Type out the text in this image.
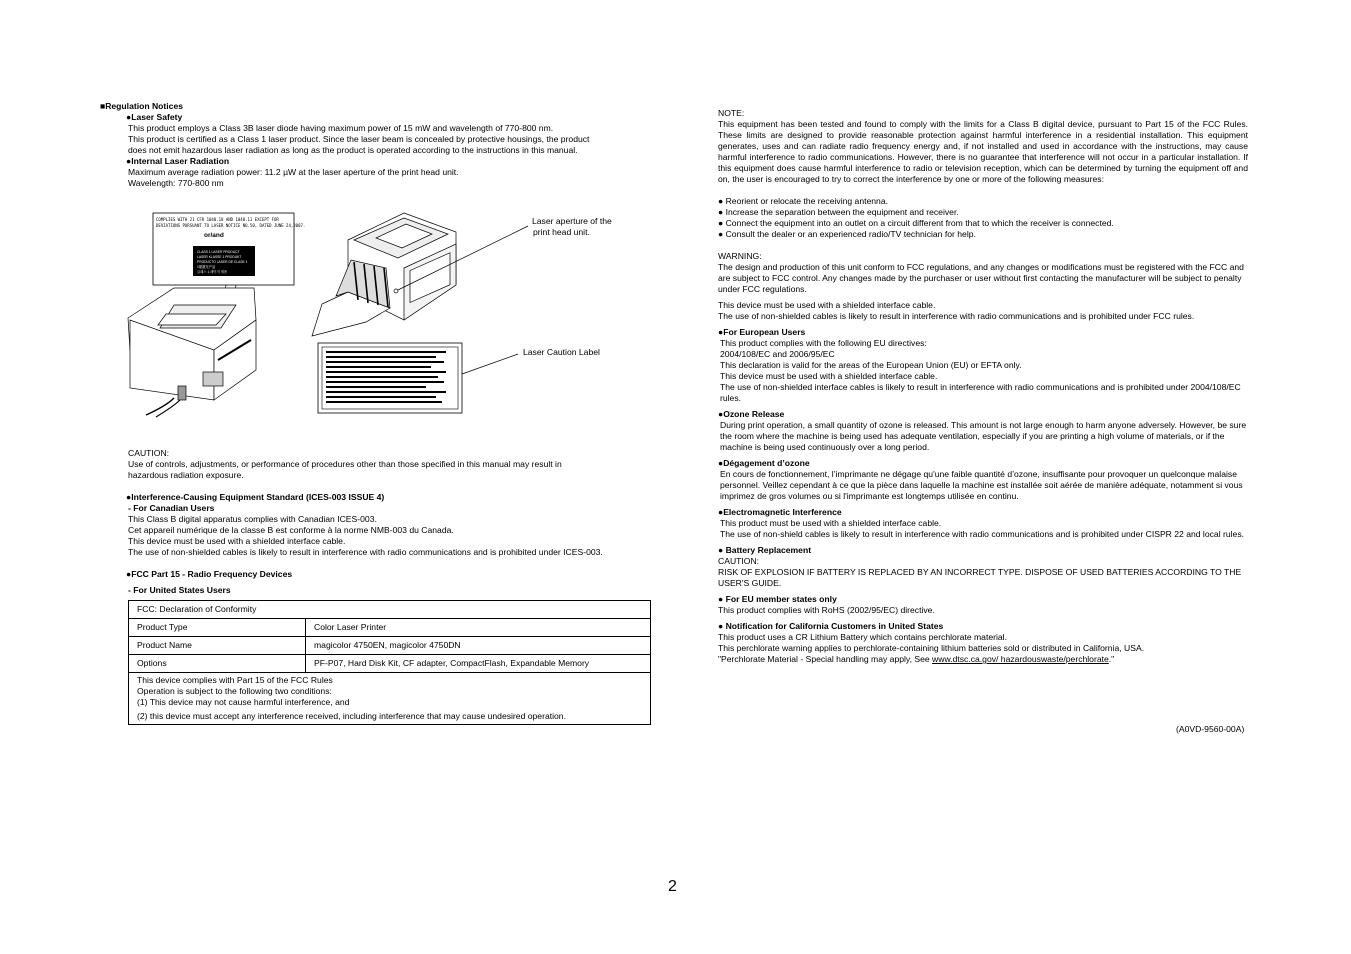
■Regulation Notices

●Laser Safety

This product employs a Class 3B laser diode having maximum power of 15 mW and wavelength of 770-800 nm.

This product is certified as a Class 1 laser product. Since the laser beam is concealed by protective housings, the product

does not emit hazardous laser radiation as long as the product is operated according to the instructions in this manual.

●Internal Laser Radiation

Maximum average radiation power: 11.2 µW at the laser aperture of the print head unit.

Wavelength: 770-800 nm

COMPLIES WITH 21 CFR 1040.10 AND 1040.11 EXCEPT FOR
DEVIATIONS PURSUANT TO LASER NOTICE NO.50, DATED JUNE 24,2007.
or/and
CLASS 1 LASER PRODUCT
LASER KLASSE 1 PRODUKT
PRODUCTO LASER DE CLASE 1
1類激光产品
클래스 1 레이저 제품

Laser aperture of the

print head unit.

Laser Caution Label

CAUTION:

Use of controls, adjustments, or performance of procedures other than those specified in this manual may result in

hazardous radiation exposure.

●Interference-Causing Equipment Standard (ICES-003 ISSUE 4)

- For Canadian Users

This Class B digital apparatus complies with Canadian ICES-003.

Cet appareil numérique de la classe B est conforme à la norme NMB-003 du Canada.

This device must be used with a shielded interface cable.

The use of non-shielded cables is likely to result in interference with radio communications and is prohibited under ICES-003.

●FCC Part 15 - Radio Frequency Devices

- For United States Users

FCC: Declaration of Conformity	
Product Type	Color Laser Printer
Product Name	magicolor 4750EN, magicolor 4750DN
Options	PF-P07, Hard Disk Kit, CF adapter, CompactFlash, Expandable Memory

This device complies with Part 15 of the FCC Rules

Operation is subject to the following two conditions:

(1) This device may not cause harmful interference, and

(2) this device must accept any interference received, including interference that may cause undesired operation.	

NOTE:

This equipment has been tested and found to comply with the limits for a Class B digital device, pursuant to Part 15 of the FCC Rules. These limits are designed to provide reasonable protection against harmful interference in a residential installation. This equipment generates, uses and can radiate radio frequency energy and, if not installed and used in accordance with the instructions, may cause harmful interference to radio communications. However, there is no guarantee that interference will not occur in a particular installation. If this equipment does cause harmful interference to radio or television reception, which can be determined by turning the equipment off and on, the user is encouraged to try to correct the interference by one or more of the following measures:

● Reorient or relocate the receiving antenna.

● Increase the separation between the equipment and receiver.

● Connect the equipment into an outlet on a circuit different from that to which the receiver is connected.

● Consult the dealer or an experienced radio/TV technician for help.

WARNING:

The design and production of this unit conform to FCC regulations, and any changes or modifications must be registered with the FCC and are subject to FCC control. Any changes made by the purchaser or user without first contacting the manufacturer will be subject to penalty under FCC regulations.

This device must be used with a shielded interface cable.

The use of non-shielded cables is likely to result in interference with radio communications and is prohibited under FCC rules.

●For European Users

This product complies with the following EU directives:

2004/108/EC and 2006/95/EC

This declaration is valid for the areas of the European Union (EU) or EFTA only.

This device must be used with a shielded interface cable.

The use of non-shielded interface cables is likely to result in interference with radio communications and is prohibited under 2004/108/EC rules.

●Ozone Release

During print operation, a small quantity of ozone is released. This amount is not large enough to harm anyone adversely. However, be sure the room where the machine is being used has adequate ventilation, especially if you are printing a high volume of materials, or if the machine is being used continuously over a long period.

●Dégagement d’ozone

En cours de fonctionnement, l’imprimante ne dégage qu'une faible quantité d’ozone, insuffisante pour provoquer un quelconque malaise personnel. Veillez cependant à ce que la pièce dans laquelle la machine est installée soit aérée de manière adéquate, notamment si vous imprimez de gros volumes ou si l'imprimante est longtemps utilisée en continu.

●Electromagnetic Interference

This product must be used with a shielded interface cable.

The use of non-shield cables is likely to result in interference with radio communications and is prohibited under CISPR 22 and local rules.

● Battery Replacement

CAUTION:

RISK OF EXPLOSION IF BATTERY IS REPLACED BY AN INCORRECT TYPE. DISPOSE OF USED BATTERIES ACCORDING TO THE USER'S GUIDE.

● For EU member states only

This product complies with RoHS (2002/95/EC) directive.

● Notification for California Customers in United States

This product uses a CR Lithium Battery which contains perchlorate material.

This perchlorate warning applies to perchlorate-containing lithium batteries sold or distributed in California, USA.

"Perchlorate Material - Special handling may apply, See www.dtsc.ca.gov/ hazardouswaste/perchlorate."

(A0VD-9560-00A)

2
